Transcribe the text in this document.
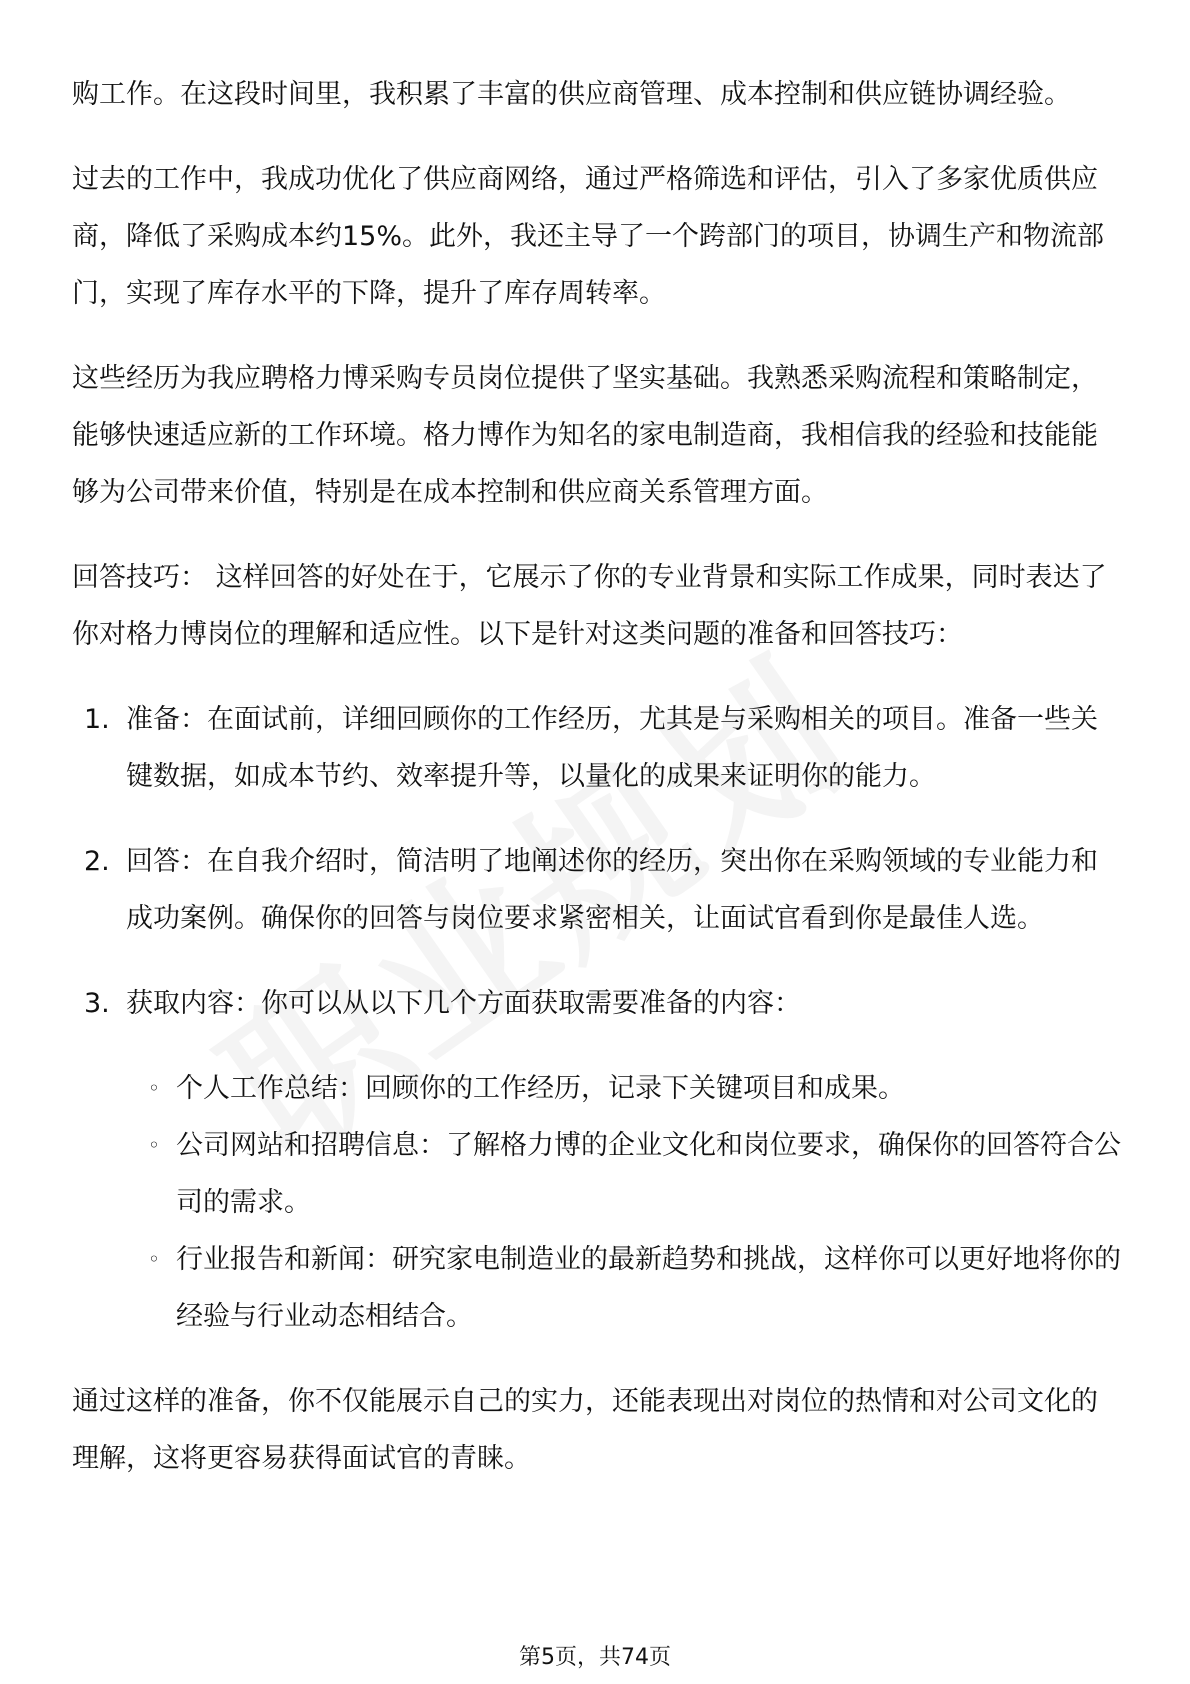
购工作。在这段时间里，我积累了丰富的供应商管理、成本控制和供应链协调经验。

过去的工作中，我成功优化了供应商网络，通过严格筛选和评估，引入了多家优质供应商，降低了采购成本约15%。此外，我还主导了一个跨部门的项目，协调生产和物流部门，实现了库存水平的下降，提升了库存周转率。

这些经历为我应聘格力博采购专员岗位提供了坚实基础。我熟悉采购流程和策略制定，能够快速适应新的工作环境。格力博作为知名的家电制造商，我相信我的经验和技能能够为公司带来价值，特别是在成本控制和供应商关系管理方面。

回答技巧： 这样回答的好处在于，它展示了你的专业背景和实际工作成果，同时表达了你对格力博岗位的理解和适应性。以下是针对这类问题的准备和回答技巧：

1. 准备：在面试前，详细回顾你的工作经历，尤其是与采购相关的项目。准备一些关键数据，如成本节约、效率提升等，以量化的成果来证明你的能力。
2. 回答：在自我介绍时，简洁明了地阐述你的经历，突出你在采购领域的专业能力和成功案例。确保你的回答与岗位要求紧密相关，让面试官看到你是最佳人选。
3. 获取内容：你可以从以下几个方面获取需要准备的内容：
◦ 个人工作总结：回顾你的工作经历，记录下关键项目和成果。
◦ 公司网站和招聘信息：了解格力博的企业文化和岗位要求，确保你的回答符合公司的需求。
◦ 行业报告和新闻：研究家电制造业的最新趋势和挑战，这样你可以更好地将你的经验与行业动态相结合。

通过这样的准备，你不仅能展示自己的实力，还能表现出对岗位的热情和对公司文化的理解，这将更容易获得面试官的青睐。

第5页，共74页
